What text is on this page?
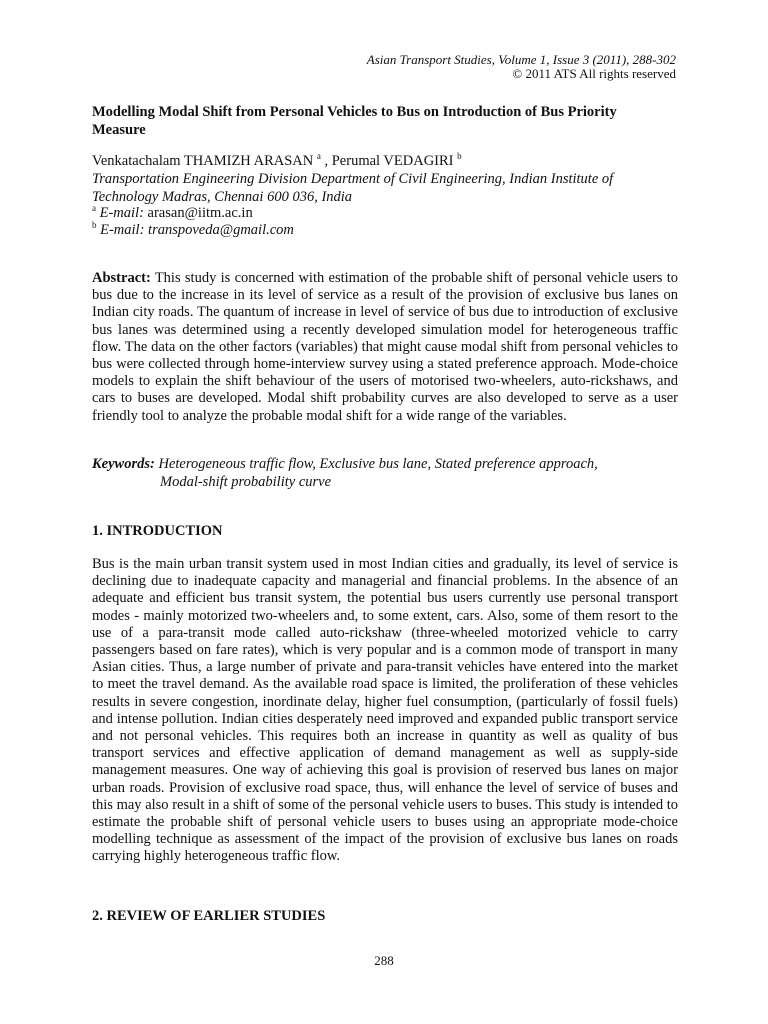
Asian Transport Studies, Volume 1, Issue 3 (2011), 288-302
© 2011 ATS All rights reserved
Modelling Modal Shift from Personal Vehicles to Bus on Introduction of Bus Priority Measure
Venkatachalam THAMIZH ARASAN $^a$ , Perumal VEDAGIRI $^b$
Transportation Engineering Division Department of Civil Engineering, Indian Institute of Technology Madras, Chennai 600 036, India
$^a$ E-mail: arasan@iitm.ac.in
$^b$ E-mail: transpoveda@gmail.com
Abstract: This study is concerned with estimation of the probable shift of personal vehicle users to bus due to the increase in its level of service as a result of the provision of exclusive bus lanes on Indian city roads. The quantum of increase in level of service of bus due to introduction of exclusive bus lanes was determined using a recently developed simulation model for heterogeneous traffic flow. The data on the other factors (variables) that might cause modal shift from personal vehicles to bus were collected through home-interview survey using a stated preference approach. Mode-choice models to explain the shift behaviour of the users of motorised two-wheelers, auto-rickshaws, and cars to buses are developed. Modal shift probability curves are also developed to serve as a user friendly tool to analyze the probable modal shift for a wide range of the variables.
Keywords: Heterogeneous traffic flow, Exclusive bus lane, Stated preference approach,
Modal-shift probability curve
1. INTRODUCTION
Bus is the main urban transit system used in most Indian cities and gradually, its level of service is declining due to inadequate capacity and managerial and financial problems. In the absence of an adequate and efficient bus transit system, the potential bus users currently use personal transport modes - mainly motorized two-wheelers and, to some extent, cars. Also, some of them resort to the use of a para-transit mode called auto-rickshaw (three-wheeled motorized vehicle to carry passengers based on fare rates), which is very popular and is a common mode of transport in many Asian cities. Thus, a large number of private and para-transit vehicles have entered into the market to meet the travel demand. As the available road space is limited, the proliferation of these vehicles results in severe congestion, inordinate delay, higher fuel consumption, (particularly of fossil fuels) and intense pollution. Indian cities desperately need improved and expanded public transport service and not personal vehicles. This requires both an increase in quantity as well as quality of bus transport services and effective application of demand management as well as supply-side management measures. One way of achieving this goal is provision of reserved bus lanes on major urban roads. Provision of exclusive road space, thus, will enhance the level of service of buses and this may also result in a shift of some of the personal vehicle users to buses. This study is intended to estimate the probable shift of personal vehicle users to buses using an appropriate mode-choice modelling technique as assessment of the impact of the provision of exclusive bus lanes on roads carrying highly heterogeneous traffic flow.
2. REVIEW OF EARLIER STUDIES
288
